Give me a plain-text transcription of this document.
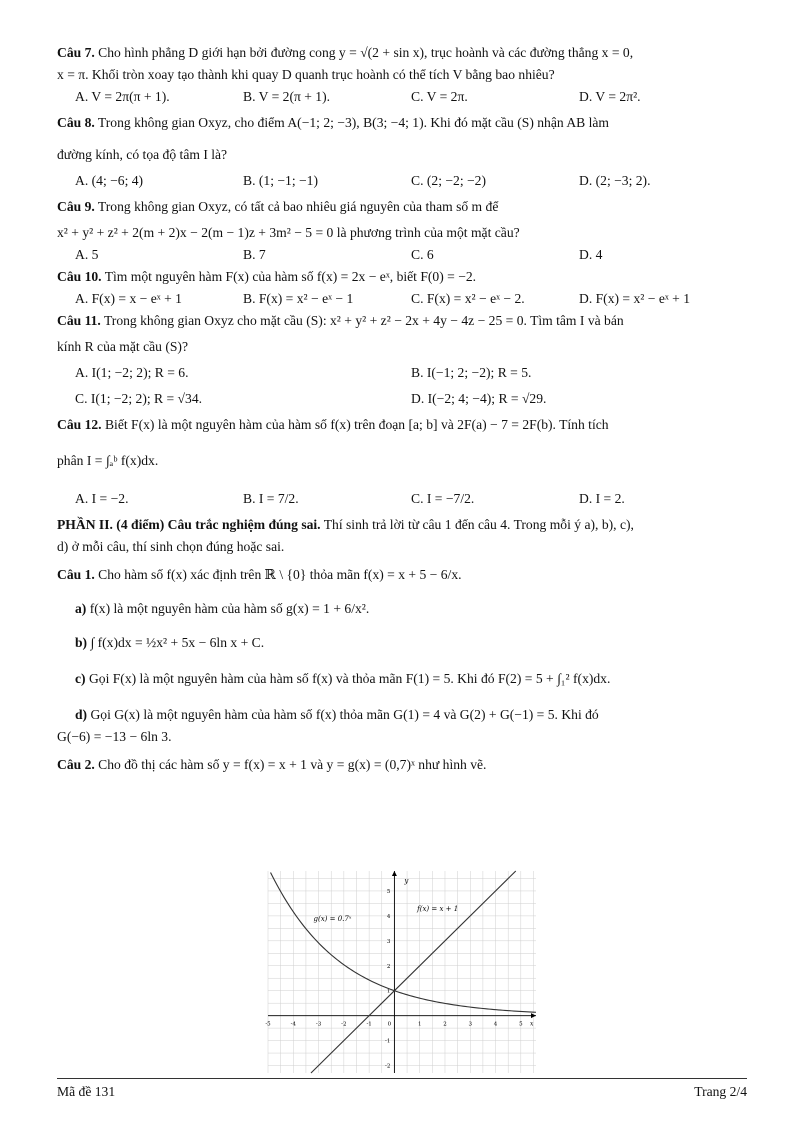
Câu 7. Cho hình phẳng D giới hạn bởi đường cong y = √(2 + sin x), trục hoành và các đường thẳng x = 0,
x = π. Khối tròn xoay tạo thành khi quay D quanh trục hoành có thể tích V bằng bao nhiêu?
A. V = 2π(π + 1).	B. V = 2(π + 1).	C. V = 2π.	D. V = 2π².
Câu 8. Trong không gian Oxyz, cho điểm A(−1; 2; −3), B(3; −4; 1). Khi đó mặt cầu (S) nhận AB làm
đường kính, có tọa độ tâm I là?
A. (4; −6; 4)	B. (1; −1; −1)	C. (2; −2; −2)	D. (2; −3; 2).
Câu 9. Trong không gian Oxyz, có tất cả bao nhiêu giá nguyên của tham số m để
x² + y² + z² + 2(m + 2)x − 2(m − 1)z + 3m² − 5 = 0 là phương trình của một mặt cầu?
A. 5	B. 7	C. 6	D. 4
Câu 10. Tìm một nguyên hàm F(x) của hàm số f(x) = 2x − eˣ, biết F(0) = −2.
A. F(x) = x − eˣ + 1	B. F(x) = x² − eˣ − 1	C. F(x) = x² − eˣ − 2.	D. F(x) = x² − eˣ + 1
Câu 11. Trong không gian Oxyz cho mặt cầu (S): x² + y² + z² − 2x + 4y − 4z − 25 = 0. Tìm tâm I và bán
kính R của mặt cầu (S)?
A. I(1; −2; 2); R = 6.	B. I(−1; 2; −2); R = 5.
C. I(1; −2; 2); R = √34.	D. I(−2; 4; −4); R = √29.
Câu 12. Biết F(x) là một nguyên hàm của hàm số f(x) trên đoạn [a; b] và 2F(a) − 7 = 2F(b). Tính tích
phân I = ∫ₐᵇ f(x)dx.
A. I = −2.	B. I = 7/2.	C. I = −7/2.	D. I = 2.
PHẦN II. (4 điểm) Câu trắc nghiệm đúng sai. Thí sinh trả lời từ câu 1 đến câu 4. Trong mỗi ý a), b), c),
d) ở mỗi câu, thí sinh chọn đúng hoặc sai.
Câu 1. Cho hàm số f(x) xác định trên ℝ \ {0} thỏa mãn f(x) = x + 5 − 6/x.
a) f(x) là một nguyên hàm của hàm số g(x) = 1 + 6/x².
b) ∫ f(x)dx = ½x² + 5x − 6ln x + C.
c) Gọi F(x) là một nguyên hàm của hàm số f(x) và thỏa mãn F(1) = 5. Khi đó F(2) = 5 + ∫₁² f(x)dx.
d) Gọi G(x) là một nguyên hàm của hàm số f(x) thỏa mãn G(1) = 4 và G(2) + G(−1) = 5. Khi đó
G(−6) = −13 − 6ln 3.
Câu 2. Cho đồ thị các hàm số y = f(x) = x + 1 và y = g(x) = (0,7)ˣ như hình vẽ.
-5	-4	-3	-2	-1	0	1	2	3	4	5
-2
-1
1
2
3
4
5
f(x) = x + 1
g(x) = 0.7ˣ
x
y
Mã đề 131	Trang 2/4
